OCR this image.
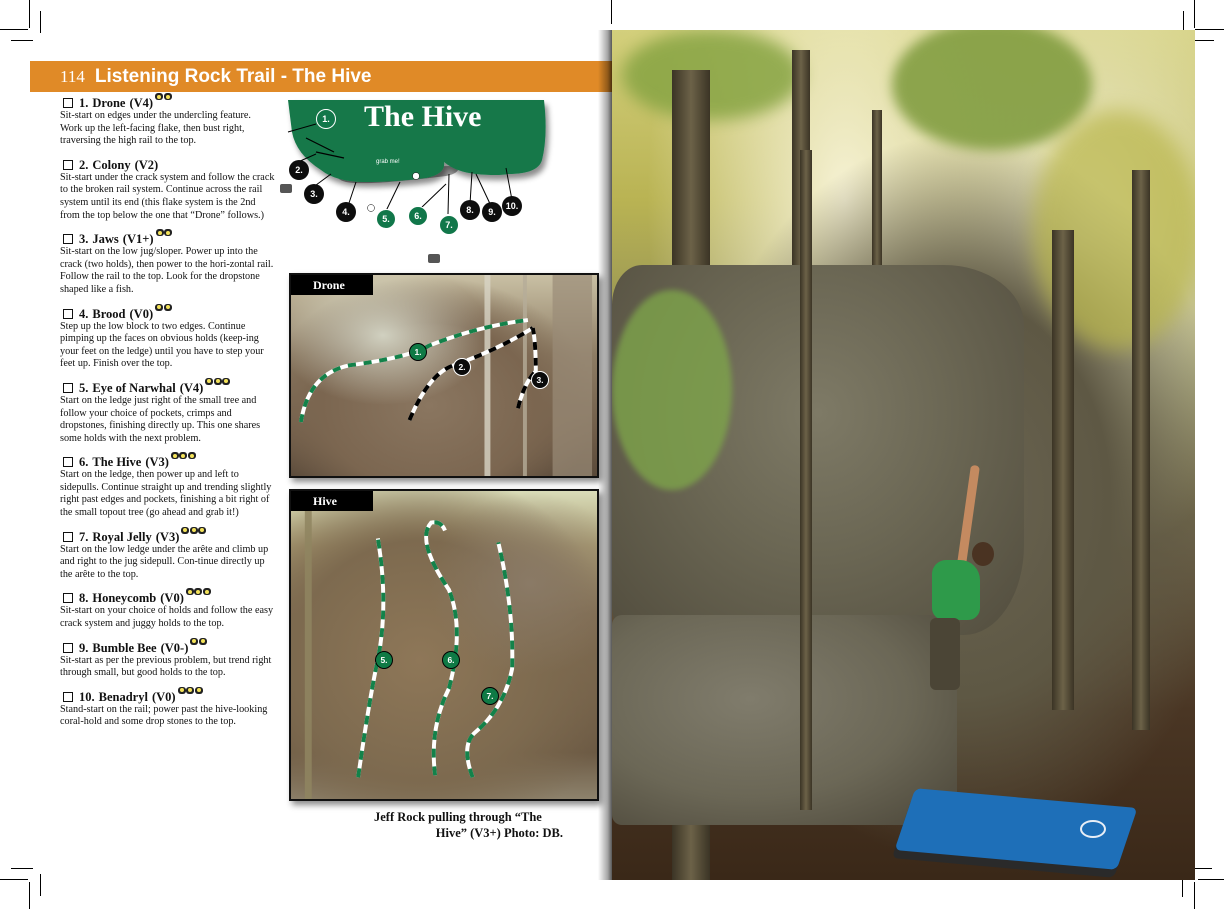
114 Listening Rock Trail - The Hive
1. Drone (V4)
Sit-start on edges under the undercling feature. Work up the left-facing flake, then bust right, traversing the high rail to the top.
2. Colony (V2)
Sit-start under the crack system and follow the crack to the broken rail system. Continue across the rail system until its end (this flake system is the 2nd from the top below the one that “Drone” follows.)
3. Jaws (V1+)
Sit-start on the low jug/sloper. Power up into the crack (two holds), then power to the hori-zontal rail. Follow the rail to the top. Look for the dropstone shaped like a fish.
4. Brood (V0)
Step up the low block to two edges. Continue pimping up the faces on obvious holds (keep-ing your feet on the ledge) until you have to step your feet up. Finish over the top.
5. Eye of Narwhal (V4)
Start on the ledge just right of the small tree and follow your choice of pockets, crimps and dropstones, finishing directly up. This one shares some holds with the next problem.
6. The Hive (V3)
Start on the ledge, then power up and left to sidepulls. Continue straight up and trending slightly right past edges and pockets, finishing a bit right of the small topout tree (go ahead and grab it!)
7. Royal Jelly (V3)
Start on the low ledge under the arête and climb up and right to the jug sidepull. Con-tinue directly up the arête to the top.
8. Honeycomb (V0)
Sit-start on your choice of holds and follow the easy crack system and juggy holds to the top.
9. Bumble Bee (V0-)
Sit-start as per the previous problem, but trend right through small, but good holds to the top.
10. Benadryl (V0)
Stand-start on the rail; power past the hive-looking coral-hold and some drop stones to the top.
The Hive
grab me!
1.
2.
3.
4.
5.	6.
7.
8.	9.
10.
Drone
1.
2.
3.
Hive
5.	6.
7.
Jeff Rock pulling through “The
Hive” (V3+) Photo: DB.
